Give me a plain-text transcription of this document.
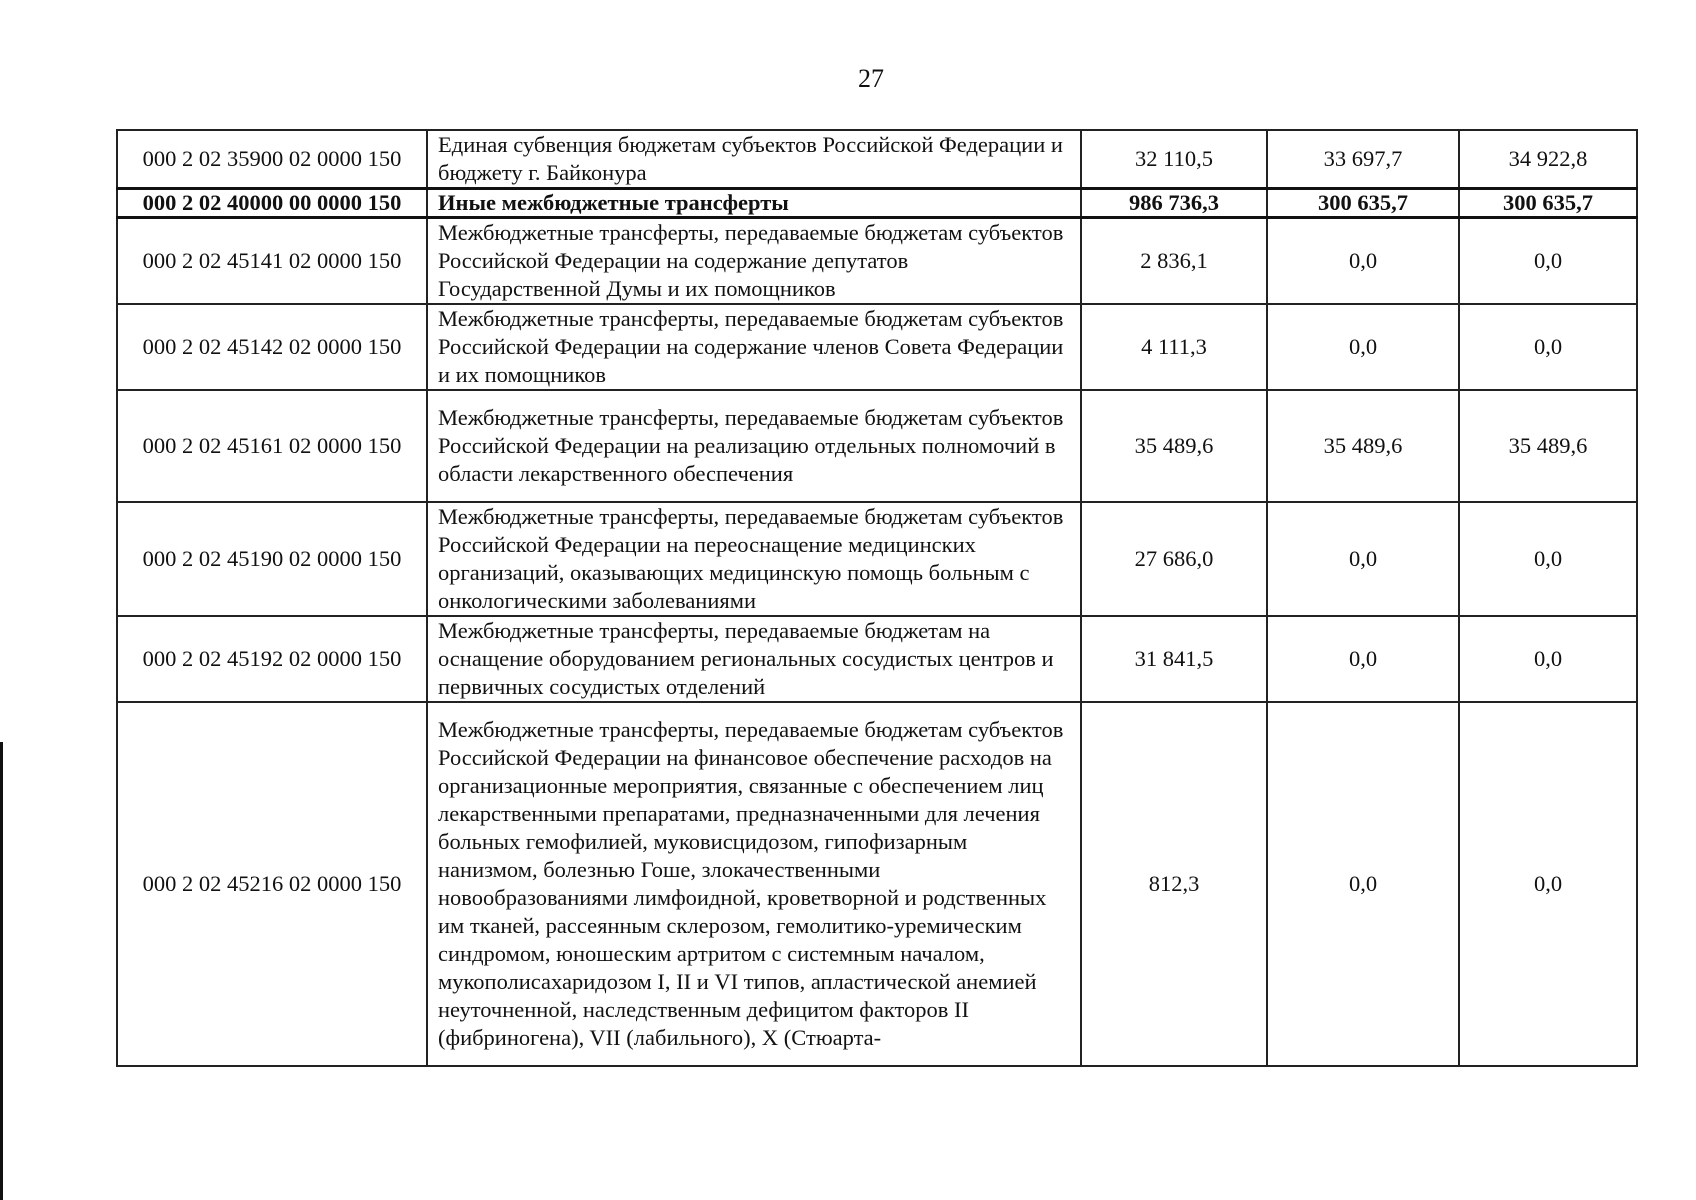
27
000 2 02 35900 02 0000 150	Единая субвенция бюджетам субъектов Российской Федерации и бюджету г. Байконура	32 110,5	33 697,7	34 922,8
000 2 02 40000 00 0000 150	Иные межбюджетные трансферты	986 736,3	300 635,7	300 635,7
000 2 02 45141 02 0000 150	Межбюджетные трансферты, передаваемые бюджетам субъектов Российской Федерации на содержание депутатов Государственной Думы и их помощников	2 836,1	0,0	0,0
000 2 02 45142 02 0000 150	Межбюджетные трансферты, передаваемые бюджетам субъектов Российской Федерации на содержание членов Совета Федерации и их помощников	4 111,3	0,0	0,0
000 2 02 45161 02 0000 150	Межбюджетные трансферты, передаваемые бюджетам субъектов Российской Федерации на реализацию отдельных полномочий в области лекарственного обеспечения	35 489,6	35 489,6	35 489,6
000 2 02 45190 02 0000 150	Межбюджетные трансферты, передаваемые бюджетам субъектов Российской Федерации на переоснащение медицинских организаций, оказывающих медицинскую помощь больным с онкологическими заболеваниями	27 686,0	0,0	0,0
000 2 02 45192 02 0000 150	Межбюджетные трансферты, передаваемые бюджетам на оснащение оборудованием региональных сосудистых центров и первичных сосудистых отделений	31 841,5	0,0	0,0
000 2 02 45216 02 0000 150	Межбюджетные трансферты, передаваемые бюджетам субъектов Российской Федерации на финансовое обеспечение расходов на организационные мероприятия, связанные с обеспечением лиц лекарственными препаратами, предназначенными для лечения больных гемофилией, муковисцидозом, гипофизарным нанизмом, болезнью Гоше, злокачественными новообразованиями лимфоидной, кроветворной и родственных им тканей, рассеянным склерозом, гемолитико-уремическим синдромом, юношеским артритом с системным началом, мукополисахаридозом I, II и VI типов, апластической анемией неуточненной, наследственным дефицитом факторов II (фибриногена), VII (лабильного), X (Стюарта-	812,3	0,0	0,0
